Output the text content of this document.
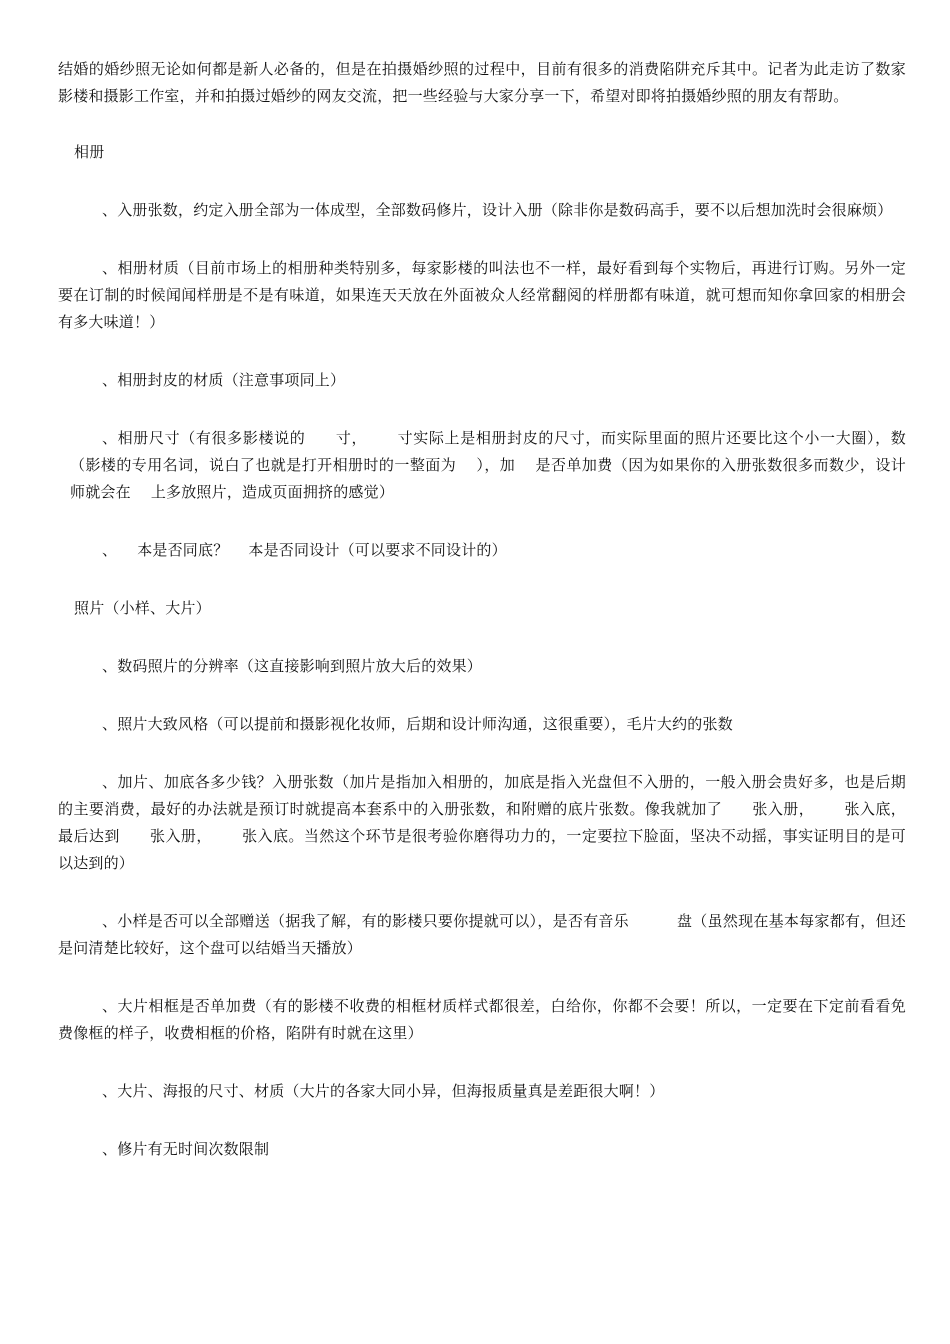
结婚的婚纱照无论如何都是新人必备的，但是在拍摄婚纱照的过程中，目前有很多的消费陷阱充斥其中。记者为此走访了数家影楼和摄影工作室，并和拍摄过婚纱的网友交流，把一些经验与大家分享一下，希望对即将拍摄婚纱照的朋友有帮助。

相册

、入册张数，约定入册全部为一体成型，全部数码修片，设计入册（除非你是数码高手，要不以后想加洗时会很麻烦）

、相册材质（目前市场上的相册种类特别多，每家影楼的叫法也不一样，最好看到每个实物后，再进行订购。另外一定要在订制的时候闻闻样册是不是有味道，如果连天天放在外面被众人经常翻阅的样册都有味道，就可想而知你拿回家的相册会有多大味道！）

、相册封皮的材质（注意事项同上）

、相册尺寸（有很多影楼说的 寸， 寸实际上是相册封皮的尺寸，而实际里面的照片还要比这个小一大圈），数（影楼的专用名词，说白了也就是打开相册时的一整面为 ），加 是否单加费（因为如果你的入册张数很多而数少，设计师就会在 上多放照片，造成页面拥挤的感觉）

、 本是否同底？ 本是否同设计（可以要求不同设计的）

照片（小样、大片）

、数码照片的分辨率（这直接影响到照片放大后的效果）

、照片大致风格（可以提前和摄影视化妆师，后期和设计师沟通，这很重要），毛片大约的张数

、加片、加底各多少钱？入册张数（加片是指加入相册的，加底是指入光盘但不入册的，一般入册会贵好多，也是后期的主要消费，最好的办法就是预订时就提高本套系中的入册张数，和附赠的底片张数。像我就加了 张入册， 张入底，最后达到 张入册， 张入底。当然这个环节是很考验你磨得功力的，一定要拉下脸面，坚决不动摇，事实证明目的是可以达到的）

、小样是否可以全部赠送（据我了解，有的影楼只要你提就可以），是否有音乐	盘（虽然现在基本每家都有，但还是问清楚比较好，这个盘可以结婚当天播放）

、大片相框是否单加费（有的影楼不收费的相框材质样式都很差，白给你，你都不会要！所以，一定要在下定前看看免费像框的样子，收费相框的价格，陷阱有时就在这里）

、大片、海报的尺寸、材质（大片的各家大同小异，但海报质量真是差距很大啊！）

、修片有无时间次数限制
